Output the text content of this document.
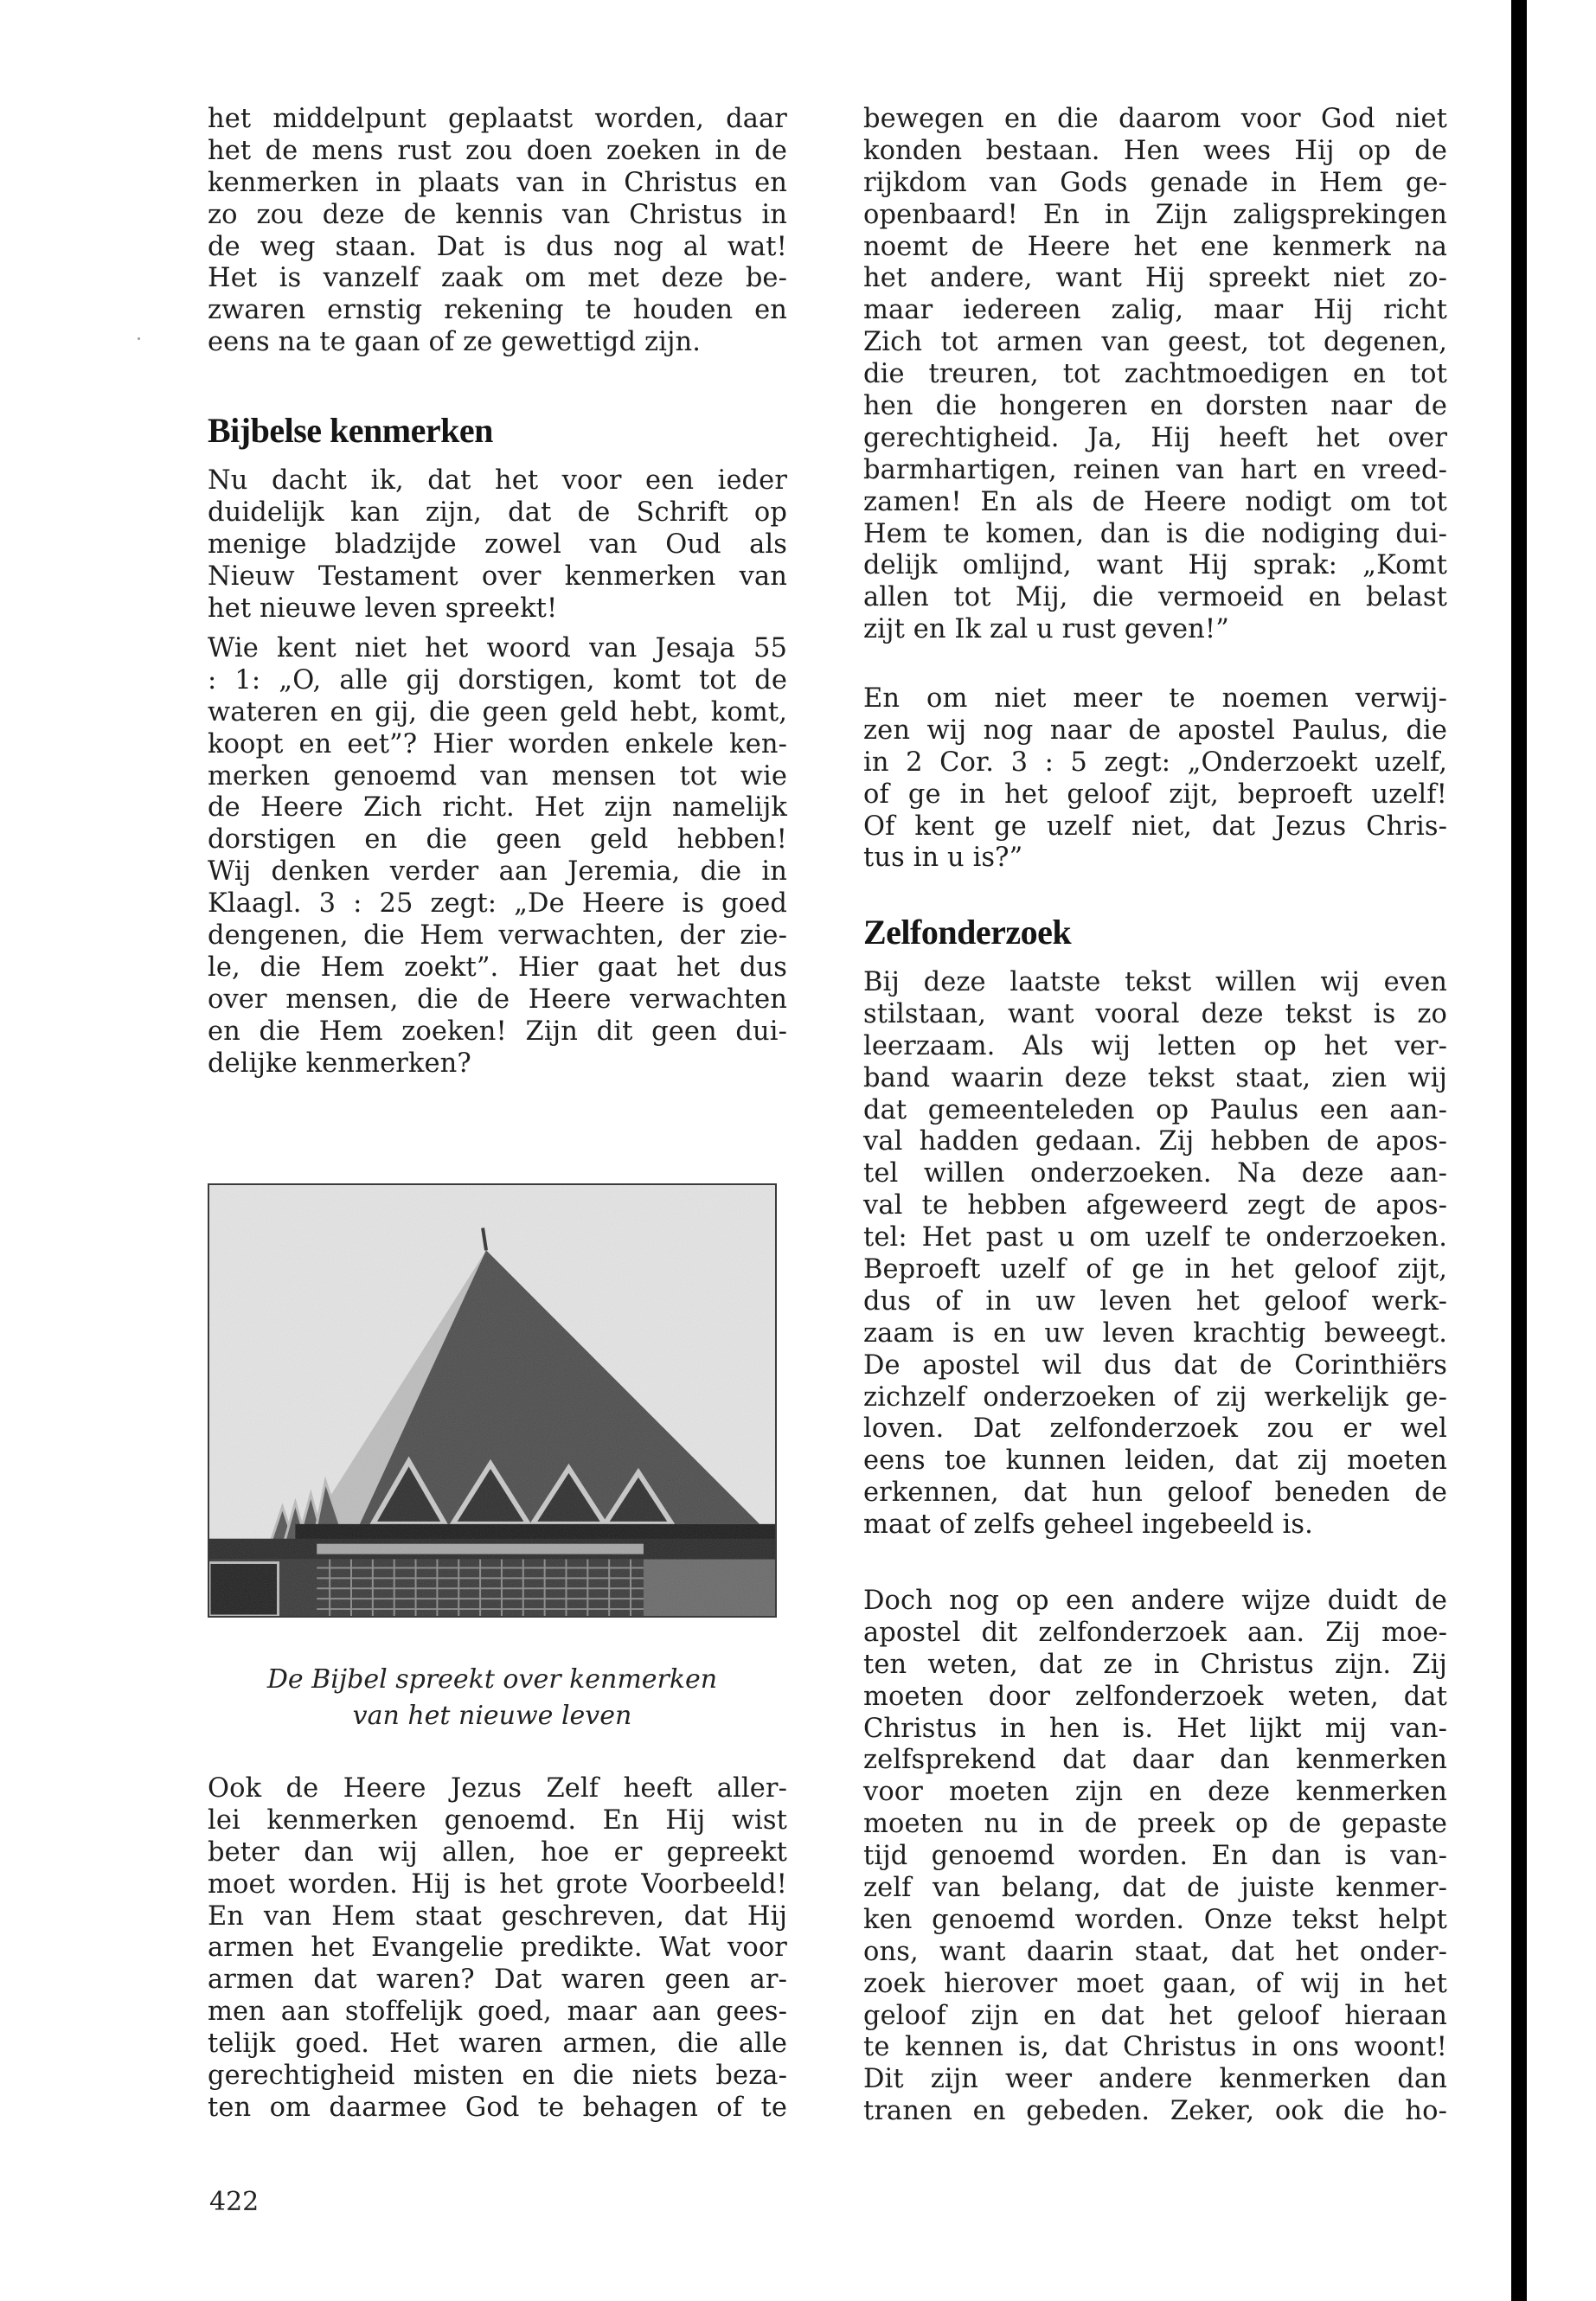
het middelpunt geplaatst worden, daar
het de mens rust zou doen zoeken in de
kenmerken in plaats van in Christus en
zo zou deze de kennis van Christus in
de weg staan. Dat is dus nog al wat!
Het is vanzelf zaak om met deze be-
zwaren ernstig rekening te houden en
eens na te gaan of ze gewettigd zijn.
Bijbelse kenmerken
Nu dacht ik, dat het voor een ieder
duidelijk kan zijn, dat de Schrift op
menige bladzijde zowel van Oud als
Nieuw Testament over kenmerken van
het nieuwe leven spreekt!
Wie kent niet het woord van Jesaja 55
: 1: „O, alle gij dorstigen, komt tot de
wateren en gij, die geen geld hebt, komt,
koopt en eet”? Hier worden enkele ken-
merken genoemd van mensen tot wie
de Heere Zich richt. Het zijn namelijk
dorstigen en die geen geld hebben!
Wij denken verder aan Jeremia, die in
Klaagl. 3 : 25 zegt: „De Heere is goed
dengenen, die Hem verwachten, der zie-
le, die Hem zoekt”. Hier gaat het dus
over mensen, die de Heere verwachten
en die Hem zoeken! Zijn dit geen dui-
delijke kenmerken?
De Bijbel spreekt over kenmerken
van het nieuwe leven
Ook de Heere Jezus Zelf heeft aller-
lei kenmerken genoemd. En Hij wist
beter dan wij allen, hoe er gepreekt
moet worden. Hij is het grote Voorbeeld!
En van Hem staat geschreven, dat Hij
armen het Evangelie predikte. Wat voor
armen dat waren? Dat waren geen ar-
men aan stoffelijk goed, maar aan gees-
telijk goed. Het waren armen, die alle
gerechtigheid misten en die niets beza-
ten om daarmee God te behagen of te
bewegen en die daarom voor God niet
konden bestaan. Hen wees Hij op de
rijkdom van Gods genade in Hem ge-
openbaard! En in Zijn zaligsprekingen
noemt de Heere het ene kenmerk na
het andere, want Hij spreekt niet zo-
maar iedereen zalig, maar Hij richt
Zich tot armen van geest, tot degenen,
die treuren, tot zachtmoedigen en tot
hen die hongeren en dorsten naar de
gerechtigheid. Ja, Hij heeft het over
barmhartigen, reinen van hart en vreed-
zamen! En als de Heere nodigt om tot
Hem te komen, dan is die nodiging dui-
delijk omlijnd, want Hij sprak: „Komt
allen tot Mij, die vermoeid en belast
zijt en Ik zal u rust geven!”
En om niet meer te noemen verwij-
zen wij nog naar de apostel Paulus, die
in 2 Cor. 3 : 5 zegt: „Onderzoekt uzelf,
of ge in het geloof zijt, beproeft uzelf!
Of kent ge uzelf niet, dat Jezus Chris-
tus in u is?”
Zelfonderzoek
Bij deze laatste tekst willen wij even
stilstaan, want vooral deze tekst is zo
leerzaam. Als wij letten op het ver-
band waarin deze tekst staat, zien wij
dat gemeenteleden op Paulus een aan-
val hadden gedaan. Zij hebben de apos-
tel willen onderzoeken. Na deze aan-
val te hebben afgeweerd zegt de apos-
tel: Het past u om uzelf te onderzoeken.
Beproeft uzelf of ge in het geloof zijt,
dus of in uw leven het geloof werk-
zaam is en uw leven krachtig beweegt.
De apostel wil dus dat de Corinthiërs
zichzelf onderzoeken of zij werkelijk ge-
loven. Dat zelfonderzoek zou er wel
eens toe kunnen leiden, dat zij moeten
erkennen, dat hun geloof beneden de
maat of zelfs geheel ingebeeld is.
Doch nog op een andere wijze duidt de
apostel dit zelfonderzoek aan. Zij moe-
ten weten, dat ze in Christus zijn. Zij
moeten door zelfonderzoek weten, dat
Christus in hen is. Het lijkt mij van-
zelfsprekend dat daar dan kenmerken
voor moeten zijn en deze kenmerken
moeten nu in de preek op de gepaste
tijd genoemd worden. En dan is van-
zelf van belang, dat de juiste kenmer-
ken genoemd worden. Onze tekst helpt
ons, want daarin staat, dat het onder-
zoek hierover moet gaan, of wij in het
geloof zijn en dat het geloof hieraan
te kennen is, dat Christus in ons woont!
Dit zijn weer andere kenmerken dan
tranen en gebeden. Zeker, ook die ho-
422
